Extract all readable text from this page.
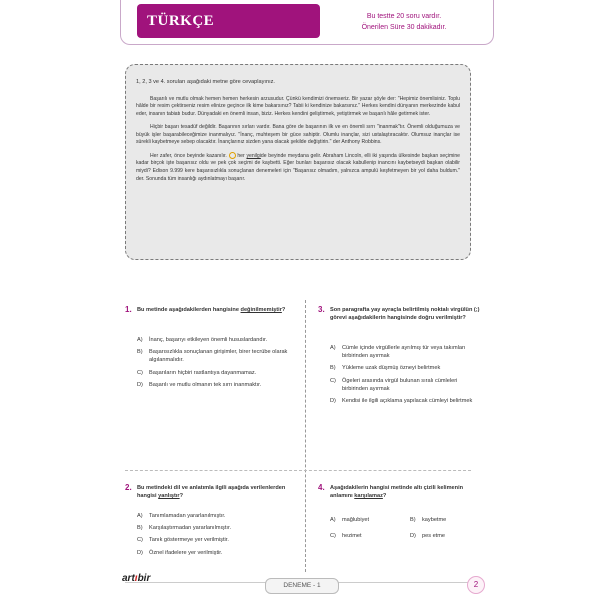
TÜRKÇE	Bu testte 20 soru vardır.
Önerilen Süre 30 dakikadır.
1, 2, 3 ve 4. soruları aşağıdaki metne göre cevaplayınız.

Başarılı ve mutlu olmak hemen hemen herkesin arzusudur. Çünkü kendimizi önemseriz. Bir yazar şöyle der: "Hepimiz önemlisiniz. Toplu hâlde bir resim çektirseniz resim elinize geçince ilk kime bakarsınız? Tabii ki kendinize bakarsınız." Herkes kendini dünyanın merkezinde kabul eder, insanın tabiatı budur. Dünyadaki en önemli insan, biziz. Herkes kendini geliştirmek, yetiştirmek ve başarılı hâle getirmek ister.

Hiçbir başarı tesadüf değildir. Başarının sırları vardır. Bana göre de başarının ilk ve en önemli sırrı "inanmak"tır. Önemli olduğumuza ve büyük işler başarabileceğimize inanmalıyız. "İnanç, muhteşem bir güce sahiptir. Olumlu inançlar, sizi ustalaştıracaktır. Olumsuz inançlar ise sürekli kaybetmeye sebep olacaktır. İnançlarınız sizden yana olacak şekilde değiştirin." der Anthony Robbins.

Her zafer, önce beyinde kazanılır. her yenilgide beyinde meydana gelir. Abraham Lincoln, elli iki yaşında ülkesinde başkan seçimine kadar birçok işte başarısız oldu ve pek çok seçimi de kaybetti. Eğer bunları başarısız olacak kabullenip inancını kaybetseydi başkan olabilir miydi? Edison 9.999 kere başarısızlıkla sonuçlanan denemeleri için "Başarısız olmadım, yalnızca ampulü keşfetmeyen bir yol daha buldum." der. Sonunda tüm insanlığı aydınlatmayı başarır.

1. Bu metinde aşağıdakilerden hangisine değinilmemiştir?
A)	İnanç, başarıyı etkileyen önemli hususlardandır.
B)	Başarısızlıkla sonuçlanan girişimler, birer tecrübe olarak algılanmalıdır.
C)	Başarıların hiçbiri rastlantıya dayanmamaz.
D)	Başarılı ve mutlu olmanın tek sırrı inanmaktır.
3. Son paragrafta yay ayraçla belirtilmiş noktalı virgülün (;) görevi aşağıdakilerin hangisinde doğru verilmiştir?
A)	Cümle içinde virgüllerle ayrılmış tür veya takımları birbirinden ayırmak
B)	Yükleme uzak düşmüş özneyi belirtmek
C)	Ögeleri arasında virgül bulunan sıralı cümleleri birbirinden ayırmak
D)	Kendisi ile ilgili açıklama yapılacak cümleyi belirtmek
2. Bu metindeki dil ve anlatımla ilgili aşağıda verilenlerden hangisi yanlıştır?
A)	Tanımlamadan yararlanılmıştır.
B)	Karşılaştırmadan yararlanılmıştır.
C)	Tanık göstermeye yer verilmiştir.
D)	Öznel ifadelere yer verilmiştir.
4. Aşağıdakilerin hangisi metinde altı çizili kelimenin anlamını karşılamaz?
A)	mağlubiyet	B)	kaybetme
C)	hezimet	D)	pes etme
artıbir
DENEME - 1	2
